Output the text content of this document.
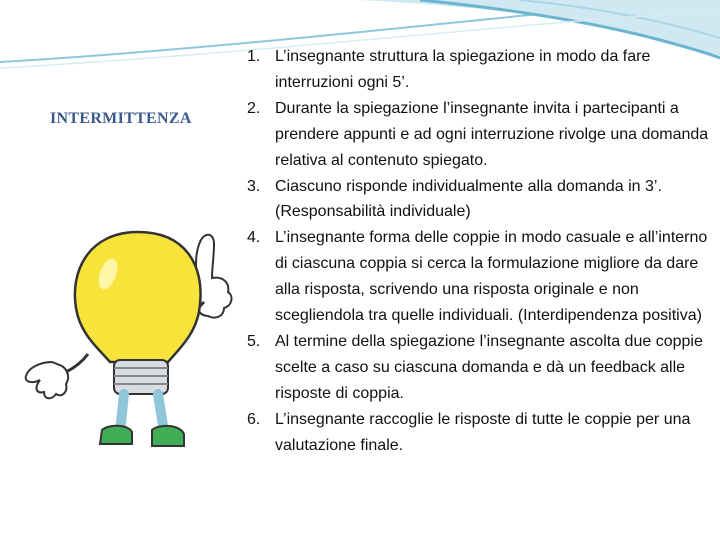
INTERMITTENZA
1. L’insegnante struttura la spiegazione in modo da fare interruzioni ogni 5’.
2. Durante la spiegazione l’insegnante invita i partecipanti a prendere appunti e ad ogni interruzione rivolge una domanda relativa al contenuto spiegato.
3. Ciascuno risponde individualmente alla domanda in 3’. (Responsabilità individuale)
4. L’insegnante forma delle coppie in modo casuale e all’interno di ciascuna coppia si cerca la formulazione migliore da dare alla risposta, scrivendo una risposta originale e non scegliendola tra quelle individuali. (Interdipendenza positiva)
5. Al termine della spiegazione l’insegnante ascolta due coppie scelte a caso su ciascuna domanda e dà un feedback alle risposte di coppia.
6. L’insegnante raccoglie le risposte di tutte le coppie per una valutazione finale.
